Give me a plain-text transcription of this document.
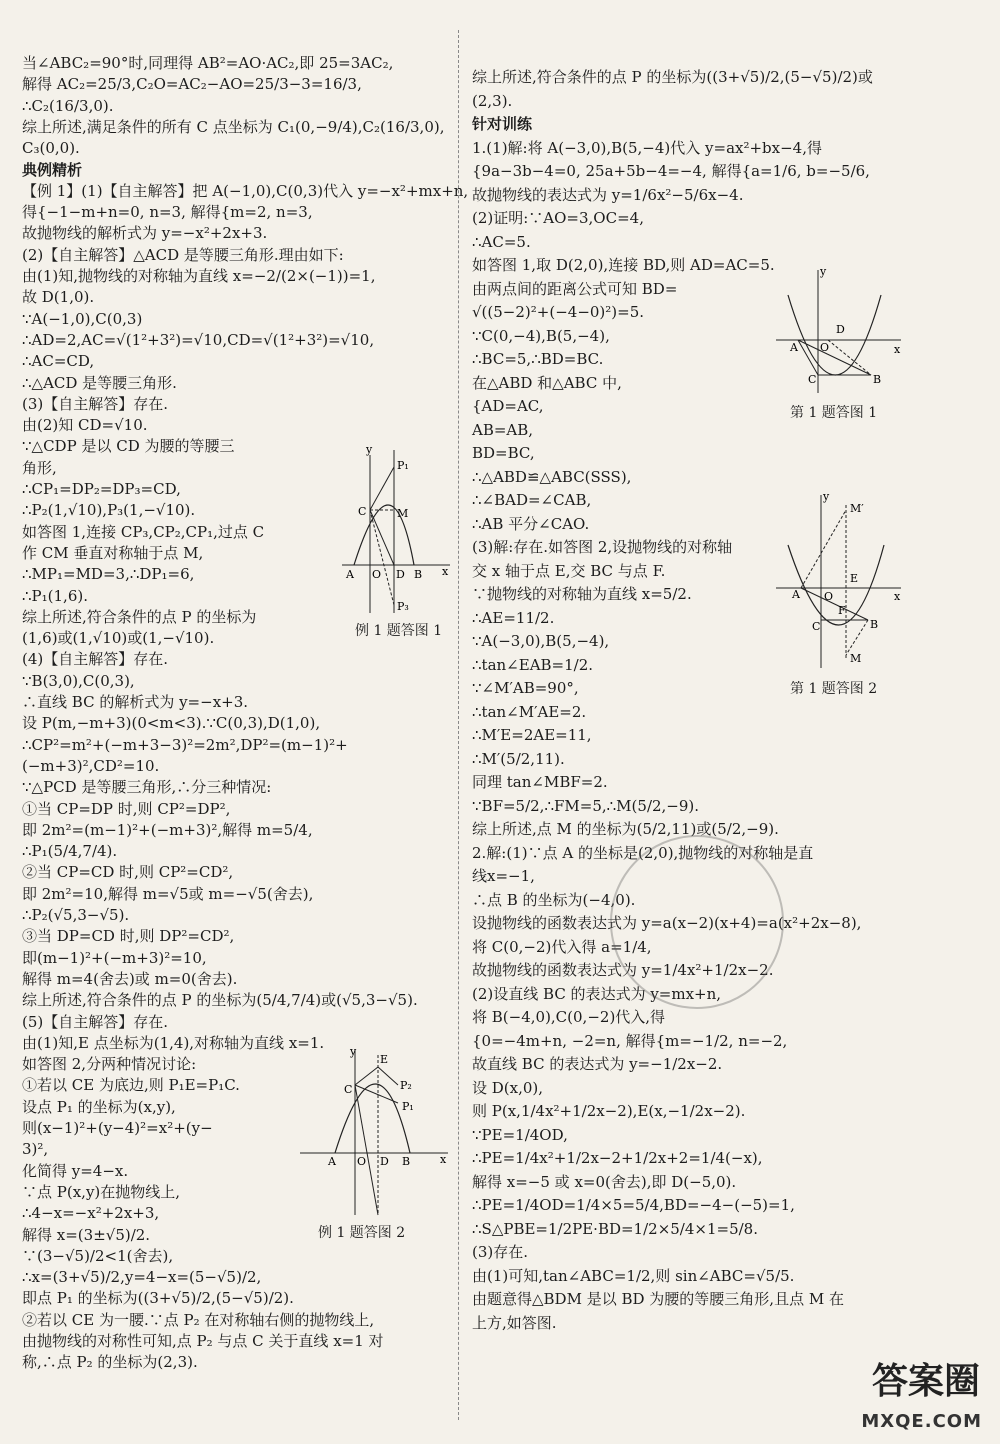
当∠ABC₂=90°时,同理得 AB²=AO·AC₂,即 25=3AC₂,
解得 AC₂=25/3,C₂O=AC₂−AO=25/3−3=16/3,
∴C₂(16/3,0).
综上所述,满足条件的所有 C 点坐标为 C₁(0,−9/4),C₂(16/3,0),
C₃(0,0).
典例精析
【例 1】(1)【自主解答】把 A(−1,0),C(0,3)代入 y=−x²+mx+n,
得{−1−m+n=0, n=3, 解得{m=2, n=3,
故抛物线的解析式为 y=−x²+2x+3.
(2)【自主解答】△ACD 是等腰三角形.理由如下:
由(1)知,抛物线的对称轴为直线 x=−2/(2×(−1))=1,
故 D(1,0).
∵A(−1,0),C(0,3)
∴AD=2,AC=√(1²+3²)=√10,CD=√(1²+3²)=√10,
∴AC=CD,
∴△ACD 是等腰三角形.
(3)【自主解答】存在.
由(2)知 CD=√10.
∵△CDP 是以 CD 为腰的等腰三
角形,
∴CP₁=DP₂=DP₃=CD,
∴P₂(1,√10),P₃(1,−√10).
如答图 1,连接 CP₃,CP₂,CP₁,过点 C
作 CM 垂直对称轴于点 M,
∴MP₁=MD=3,∴DP₁=6,
∴P₁(1,6).
综上所述,符合条件的点 P 的坐标为
(1,6)或(1,√10)或(1,−√10).
(4)【自主解答】存在.
∵B(3,0),C(0,3),
∴直线 BC 的解析式为 y=−x+3.
设 P(m,−m+3)(0<m<3).∵C(0,3),D(1,0),
∴CP²=m²+(−m+3−3)²=2m²,DP²=(m−1)²+
(−m+3)²,CD²=10.
∵△PCD 是等腰三角形,∴分三种情况:
①当 CP=DP 时,则 CP²=DP²,
即 2m²=(m−1)²+(−m+3)²,解得 m=5/4,
∴P₁(5/4,7/4).
②当 CP=CD 时,则 CP²=CD²,
即 2m²=10,解得 m=√5或 m=−√5(舍去),
∴P₂(√5,3−√5).
③当 DP=CD 时,则 DP²=CD²,
即(m−1)²+(−m+3)²=10,
解得 m=4(舍去)或 m=0(舍去).
综上所述,符合条件的点 P 的坐标为(5/4,7/4)或(√5,3−√5).
(5)【自主解答】存在.
由(1)知,E 点坐标为(1,4),对称轴为直线 x=1.
如答图 2,分两种情况讨论:
①若以 CE 为底边,则 P₁E=P₁C.
设点 P₁ 的坐标为(x,y),
则(x−1)²+(y−4)²=x²+(y−
3)²,
化简得 y=4−x.
∵点 P(x,y)在抛物线上,
∴4−x=−x²+2x+3,
解得 x=(3±√5)/2.
∵(3−√5)/2<1(舍去),
∴x=(3+√5)/2,y=4−x=(5−√5)/2,
即点 P₁ 的坐标为((3+√5)/2,(5−√5)/2).
②若以 CE 为一腰.∵点 P₂ 在对称轴右侧的抛物线上,
由抛物线的对称性可知,点 P₂ 与点 C 关于直线 x=1 对
称,∴点 P₂ 的坐标为(2,3).
综上所述,符合条件的点 P 的坐标为((3+√5)/2,(5−√5)/2)或
(2,3).
针对训练
1.(1)解:将 A(−3,0),B(5,−4)代入 y=ax²+bx−4,得
{9a−3b−4=0, 25a+5b−4=−4, 解得{a=1/6, b=−5/6,
故抛物线的表达式为 y=1/6x²−5/6x−4.
(2)证明:∵AO=3,OC=4,
∴AC=5.
如答图 1,取 D(2,0),连接 BD,则 AD=AC=5.
由两点间的距离公式可知 BD=
√((5−2)²+(−4−0)²)=5.
∵C(0,−4),B(5,−4),
∴BC=5,∴BD=BC.
在△ABD 和△ABC 中,
{AD=AC,
AB=AB,
BD=BC,
∴△ABD≌△ABC(SSS),
∴∠BAD=∠CAB,
∴AB 平分∠CAO.
(3)解:存在.如答图 2,设抛物线的对称轴
交 x 轴于点 E,交 BC 与点 F.
∵抛物线的对称轴为直线 x=5/2.
∴AE=11/2.
∵A(−3,0),B(5,−4),
∴tan∠EAB=1/2.
∵∠M′AB=90°,
∴tan∠M′AE=2.
∴M′E=2AE=11,
∴M′(5/2,11).
同理 tan∠MBF=2.
∵BF=5/2,∴FM=5,∴M(5/2,−9).
综上所述,点 M 的坐标为(5/2,11)或(5/2,−9).
2.解:(1)∵点 A 的坐标是(2,0),抛物线的对称轴是直
线x=−1,
∴点 B 的坐标为(−4,0).
设抛物线的函数表达式为 y=a(x−2)(x+4)=a(x²+2x−8),
将 C(0,−2)代入得 a=1/4,
故抛物线的函数表达式为 y=1/4x²+1/2x−2.
(2)设直线 BC 的表达式为 y=mx+n,
将 B(−4,0),C(0,−2)代入,得
{0=−4m+n, −2=n, 解得{m=−1/2, n=−2,
故直线 BC 的表达式为 y=−1/2x−2.
设 D(x,0),
则 P(x,1/4x²+1/2x−2),E(x,−1/2x−2).
∵PE=1/4OD,
∴PE=1/4x²+1/2x−2+1/2x+2=1/4(−x),
解得 x=−5 或 x=0(舍去),即 D(−5,0).
∴PE=1/4OD=1/4×5=5/4,BD=−4−(−5)=1,
∴S△PBE=1/2PE·BD=1/2×5/4×1=5/8.
(3)存在.
由(1)可知,tan∠ABC=1/2,则 sin∠ABC=√5/5.
由题意得△BDM 是以 BD 为腰的等腰三角形,且点 M 在
上方,如答图.
y
x
P₁
M
P₃
C
A O D B
例 1 题答图 1
y
E
P₂
P₁
C
A O D B	x
例 1 题答图 2
y
x
A O
D
C	B
第 1 题答图 1
y
M′
x
A O
E
F
C	B
M
第 1 题答图 2
答案圈
MXQE.COM
